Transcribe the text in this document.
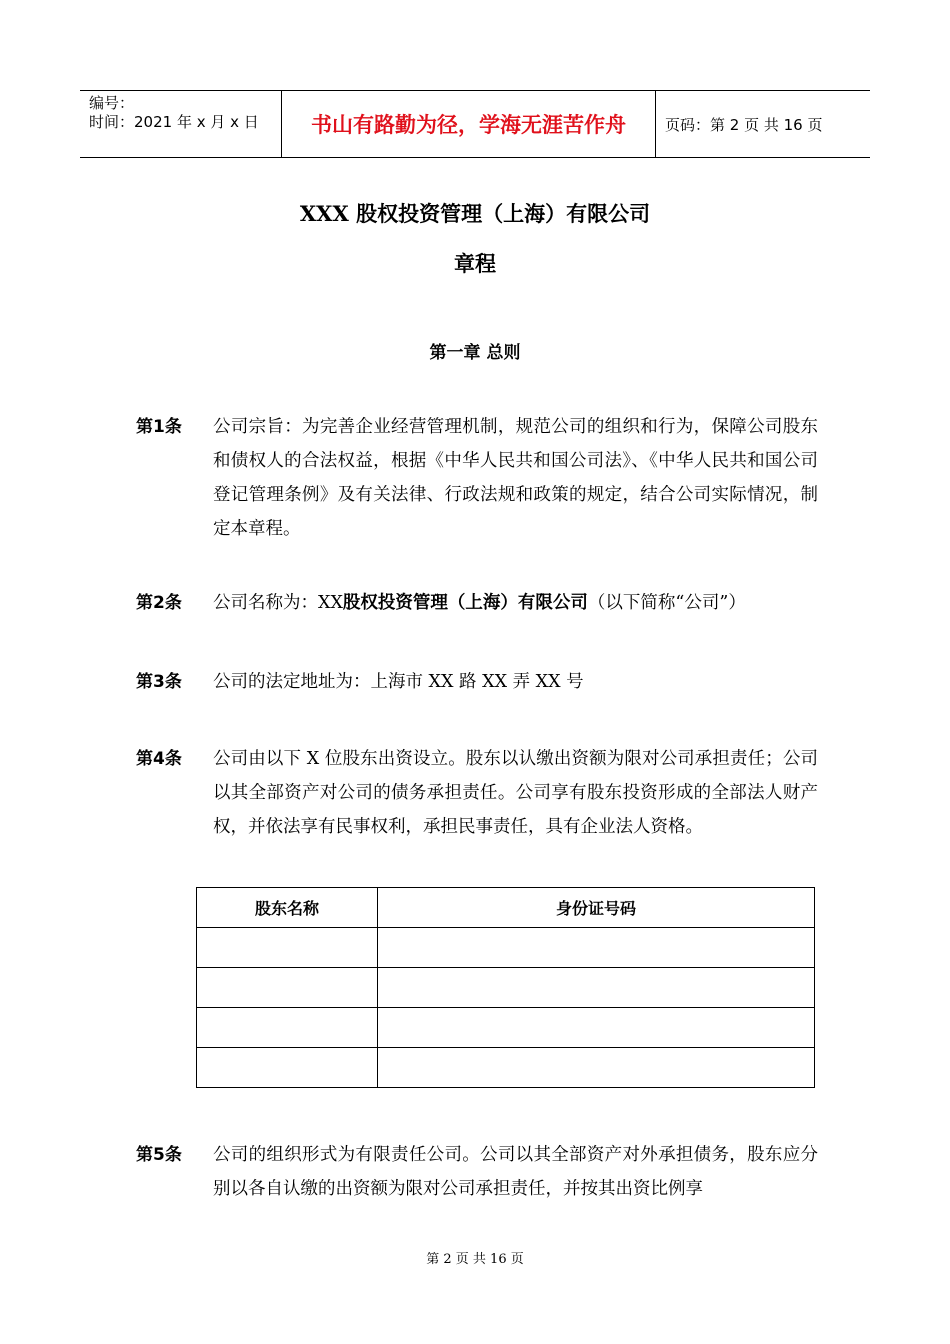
编号：
时间：2021 年 x 月 x 日	书山有路勤为径，学海无涯苦作舟	页码：第 2 页 共 16 页
XXX 股权投资管理（上海）有限公司
章程
第一章 总则
第1条 公司宗旨：为完善企业经营管理机制，规范公司的组织和行为，保障公司股东和债权人的合法权益，根据《中华人民共和国公司法》、《中华人民共和国公司登记管理条例》及有关法律、行政法规和政策的规定，结合公司实际情况，制定本章程。
第2条 公司名称为：XX股权投资管理（上海）有限公司（以下简称“公司”）
第3条 公司的法定地址为：上海市 XX 路 XX 弄 XX 号
第4条 公司由以下 X 位股东出资设立。股东以认缴出资额为限对公司承担责任；公司以其全部资产对公司的债务承担责任。公司享有股东投资形成的全部法人财产权，并依法享有民事权利，承担民事责任，具有企业法人资格。
股东名称	身份证号码

第5条 公司的组织形式为有限责任公司。公司以其全部资产对外承担债务，股东应分别以各自认缴的出资额为限对公司承担责任，并按其出资比例享
第 2 页 共 16 页
